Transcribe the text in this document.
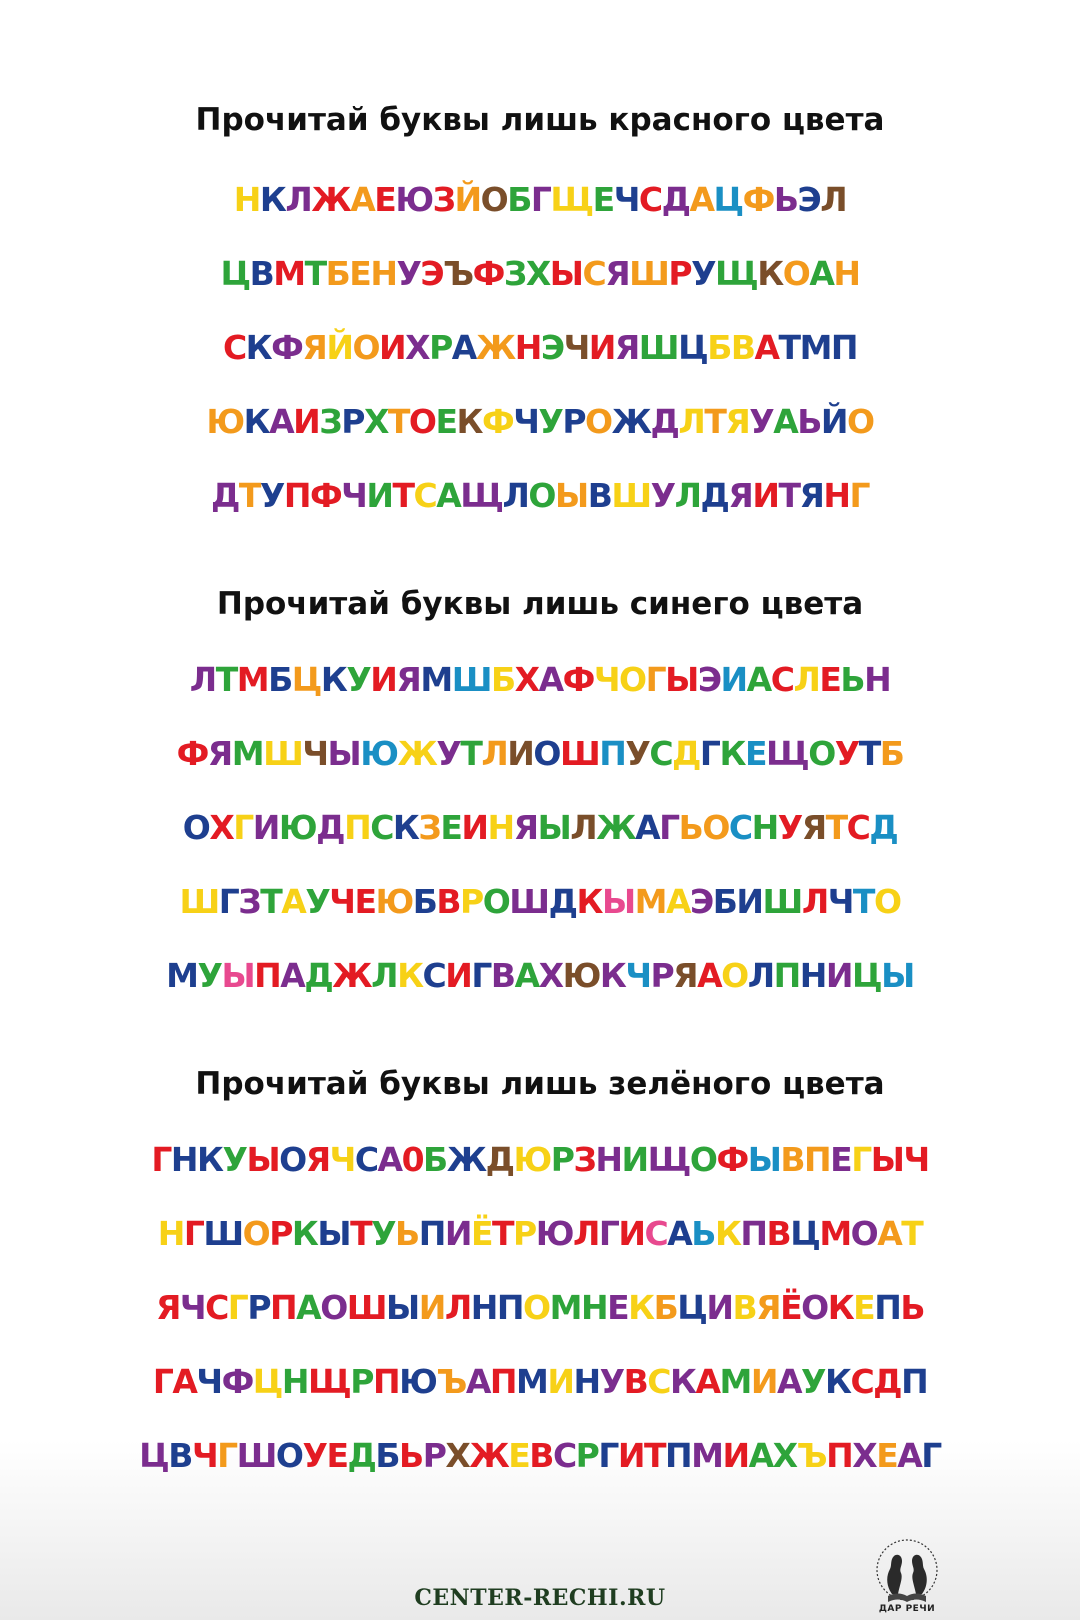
Прочитай буквы лишь красного цвета
НКЛЖАЕЮЗЙОБГЩЕЧСДАЦФЬЭЛ
ЦВМТБЕНУЭЪФЗХЫСЯШРУЩКОАН
СКФЯЙОИХРАЖНЭЧИЯШЦБВАТМП
ЮКАИЗРХТОЕКФЧУРОЖДЛТЯУАЬЙО
ДТУПФЧИТСАЩЛОЫВШУЛДЯИТЯНГ
Прочитай буквы лишь синего цвета
ЛТМБЦКУИЯМШБХАФЧОГЫЭИАСЛЕЬН
ФЯМШЧЫЮЖУТЛИОШПУСДГКЕЩОУТБ
ОХГИЮДПСКЗЕИНЯЫЛЖАГЬОСНУЯТСД
ШГЗТАУЧЕЮБВРОШДКЫМАЭБИШЛЧТО
МУЫПАДЖЛКСИГВАХЮКЧРЯАОЛПНИЦЫ
Прочитай буквы лишь зелёного цвета
ГНКУЫОЯЧСА0БЖДЮРЗНИЩОФЫВПЕГЫЧ
НГШОРКЫТУЬПИЁТРЮЛГИСАЬКПВЦМОАТ
ЯЧСГРПАОШЫИЛНПОМНЕКБЦИВЯЁОКЕПЬ
ГАЧФЦНЩРПЮЪАПМИНУВСКАМИАУКСДП
ЦВЧГШОУЕДБЬРХЖЕВСРГИТПМИАХЪПХЕАГ
CENTER-RECHI.RU	ДАР РЕЧИ
